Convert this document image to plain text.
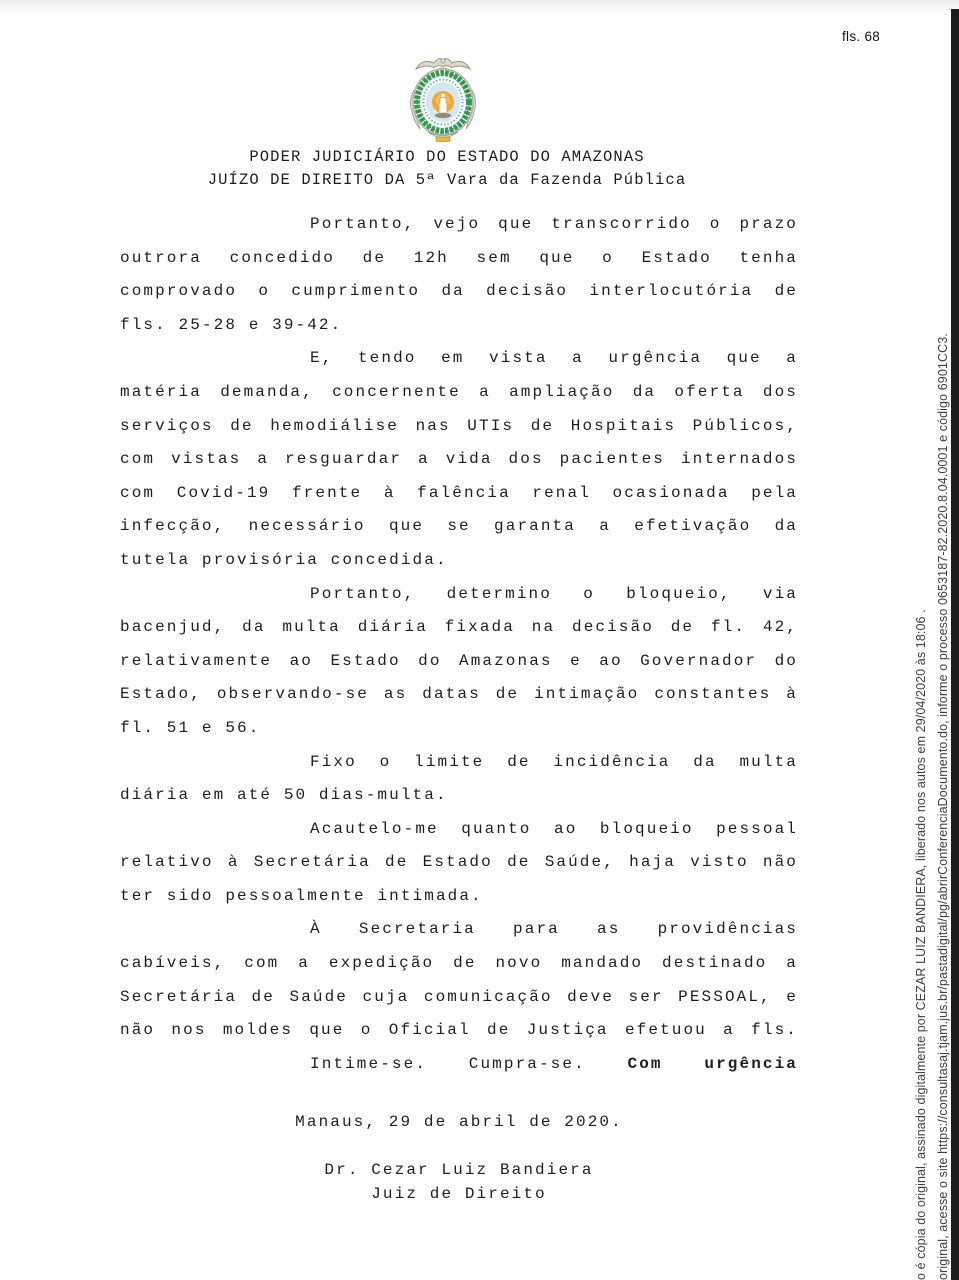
fls. 68
PODER JUDICIÁRIO DO ESTADO DO AMAZONAS
JUÍZO DE DIREITO DA 5ª Vara da Fazenda Pública
Portanto, vejo que transcorrido o prazo
outrora concedido de 12h sem que o Estado tenha
comprovado o cumprimento da decisão interlocutória de
fls. 25-28 e 39-42.
E, tendo em vista a urgência que a
matéria demanda, concernente a ampliação da oferta dos
serviços de hemodiálise nas UTIs de Hospitais Públicos,
com vistas a resguardar a vida dos pacientes internados
com Covid-19 frente à falência renal ocasionada pela
infecção, necessário que se garanta a efetivação da
tutela provisória concedida.
Portanto, determino o bloqueio, via
bacenjud, da multa diária fixada na decisão de fl. 42,
relativamente ao Estado do Amazonas e ao Governador do
Estado, observando-se as datas de intimação constantes à
fl. 51 e 56.
Fixo o limite de incidência da multa
diária em até 50 dias-multa.
Acautelo-me quanto ao bloqueio pessoal
relativo à Secretária de Estado de Saúde, haja visto não
ter sido pessoalmente intimada.
À Secretaria para as providências
cabíveis, com a expedição de novo mandado destinado a
Secretária de Saúde cuja comunicação deve ser PESSOAL, e
não nos moldes que o Oficial de Justiça efetuou a fls.
Intime-se. Cumpra-se. Com urgência
Manaus, 29 de abril de 2020.
Dr. Cezar Luiz Bandiera
Juiz de Direito	o é cópia do original, assinado digitalmente por CEZAR LUIZ BANDIERA, liberado nos autos em 29/04/2020 às 18:06 . original, acesse o site https://consultasaj.tjam.jus.br/pastadigital/pg/abrirConferenciaDocumento.do, informe o processo 0653187-82.2020.8.04.0001 e código 6901CC3.
